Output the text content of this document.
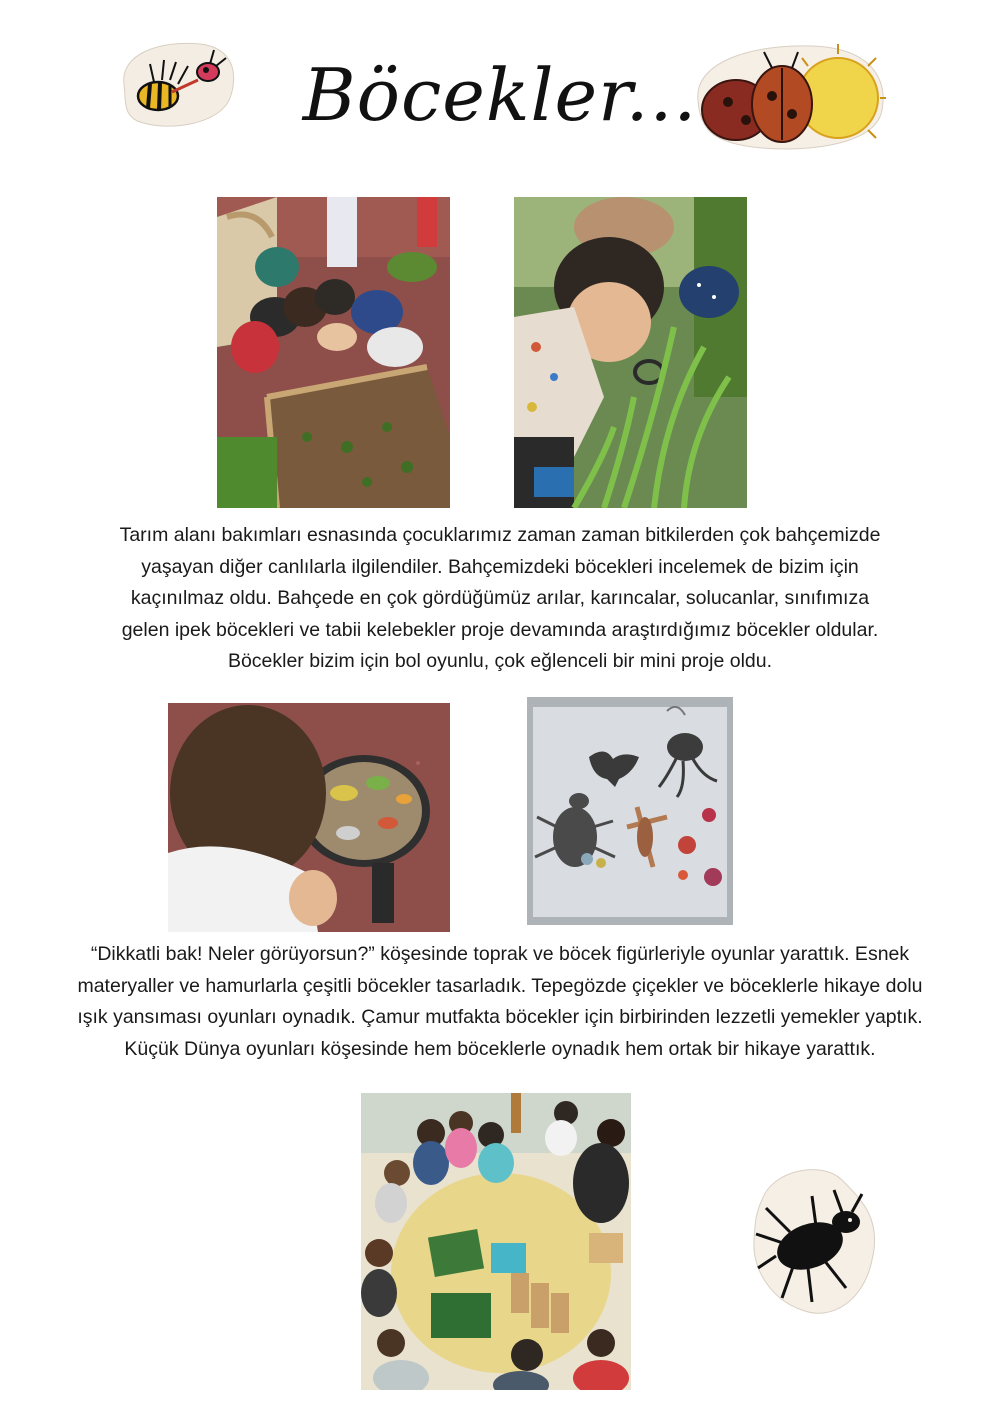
Böcekler...
Tarım alanı bakımları esnasında çocuklarımız zaman zaman bitkilerden çok bahçemizde
yaşayan diğer canlılarla ilgilendiler. Bahçemizdeki böcekleri incelemek de bizim için
kaçınılmaz oldu. Bahçede en çok gördüğümüz arılar, karıncalar, solucanlar, sınıfımıza
gelen ipek böcekleri ve tabii kelebekler proje devamında araştırdığımız böcekler oldular.
Böcekler bizim için bol oyunlu, çok eğlenceli bir mini proje oldu.
“Dikkatli bak! Neler görüyorsun?” köşesinde toprak ve böcek figürleriyle oyunlar yarattık. Esnek
materyaller ve hamurlarla çeşitli böcekler tasarladık. Tepegözde çiçekler ve böceklerle hikaye dolu
ışık yansıması oyunları oynadık. Çamur mutfakta böcekler için birbirinden lezzetli yemekler yaptık.
Küçük Dünya oyunları köşesinde hem böceklerle oynadık hem ortak bir hikaye yarattık.
